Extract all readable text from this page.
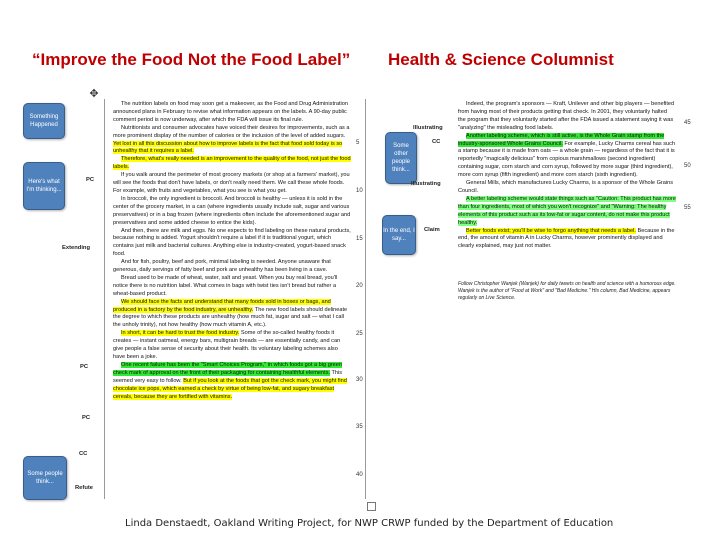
“Improve the Food Not the Food Label” Health & Science Columnist
✥

The nutrition labels on food may soon get a makeover, as the Food and Drug Administration announced plans in February to revise what information appears on the labels. A 90-day public comment period is now underway, after which the FDA will issue its final rule.

Nutritionists and consumer advocates have voiced their desires for improvements, such as a more prominent display of the number of calories or the inclusion of the level of added sugars. Yet lost in all this discussion about how to improve labels is the fact that food sold today is so unhealthy that it requires a label.

Therefore, what's really needed is an improvement to the quality of the food, not just the food labels.

If you walk around the perimeter of most grocery markets (or shop at a farmers' market), you will see the foods that don't have labels, or don't really need them. We call these whole foods. For example, with fruits and vegetables, what you see is what you get.

In broccoli, the only ingredient is broccoli. And broccoli is healthy — unless it is sold in the center of the grocery market, in a can (where ingredients usually include salt, sugar and various preservatives) or in a bag frozen (where ingredients often include the aforementioned sugar and preservatives and some added cheese to entice the kids).

And then, there are milk and eggs. No one expects to find labeling on these natural products, because nothing is added. Yogurt shouldn't require a label if it is traditional yogurt, which contains just milk and bacterial cultures. Anything else is industry-created, yogurt-based snack food.

And for fish, poultry, beef and pork, minimal labeling is needed. Anyone unaware that generous, daily servings of fatty beef and pork are unhealthy has been living in a cave.

Bread used to be made of wheat, water, salt and yeast. When you buy real bread, you'll notice there is no nutrition label. What comes in bags with twist ties isn't bread but rather a wheat-based product.

We should face the facts and understand that many foods sold in boxes or bags, and produced in a factory by the food industry, are unhealthy. The new food labels should delineate the degree to which these products are unhealthy (how much fat, sugar and salt — what I call the unholy trinity), not how healthy (how much vitamin A, etc.).

In short, it can be hard to trust the food industry. Some of the so-called healthy foods it creates — instant oatmeal, energy bars, multigrain breads — are essentially candy, and can give people a false sense of security about their health. Its voluntary labeling schemes also have been a joke.

One recent failure has been the "Smart Choices Program," in which foods got a big green check mark of approval on the front of their packaging for containing healthful elements. This seemed very easy to follow. But if you look at the foods that got the check mark, you might find chocolate ice pops, which earned a check by virtue of being low-fat, and sugary breakfast cereals, because they are fortified with vitamins.

Indeed, the program's sponsors — Kraft, Unilever and other big players — benefited from having most of their products getting that check. In 2001, they voluntarily halted the program that they voluntarily started after the FDA issued a statement saying it was "analyzing" the misleading food labels.

Another labeling scheme, which is still active, is the Whole Grain stamp from the industry-sponsored Whole Grains Council. For example, Lucky Charms cereal has such a stamp because it is made from oats — a whole grain — regardless of the fact that it is reportedly "magically delicious" from copious marshmallows (second ingredient) containing sugar, corn starch and corn syrup, followed by more sugar (third ingredient), more corn syrup (fifth ingredient) and more corn starch (sixth ingredient).

General Mills, which manufactures Lucky Charms, is a sponsor of the Whole Grains Council.

A better labeling scheme would state things such as "Caution: This product has more than four ingredients, most of which you won't recognize" and "Warning: The healthy elements of this product such as its low-fat or sugar content, do not make this product healthy.

Better foods exist; you'll be wise to forgo anything that needs a label. Because in the end, the amount of vitamin A in Lucky Charms, however prominently displayed and clearly explained, may just not matter.

Follow Christopher Wanjek (Wanjek) for daily tweets on health and science with a humorous edge. Wanjek is the author of "Food at Work" and "Bad Medicine." His column, Bad Medicine, appears regularly on Live Science.
Something Happened
Here's what I'm thinking...
Some people think...
Some other people think...
In the end, I say...
PC
Extending
PC
PC
CC
Refute
Illustrating
CC
Illustrating
Claim
5
10
15
20
25
30
35
40
45
50
55
Linda Denstaedt, Oakland Writing Project, for NWP CRWP funded by the Department of Education
